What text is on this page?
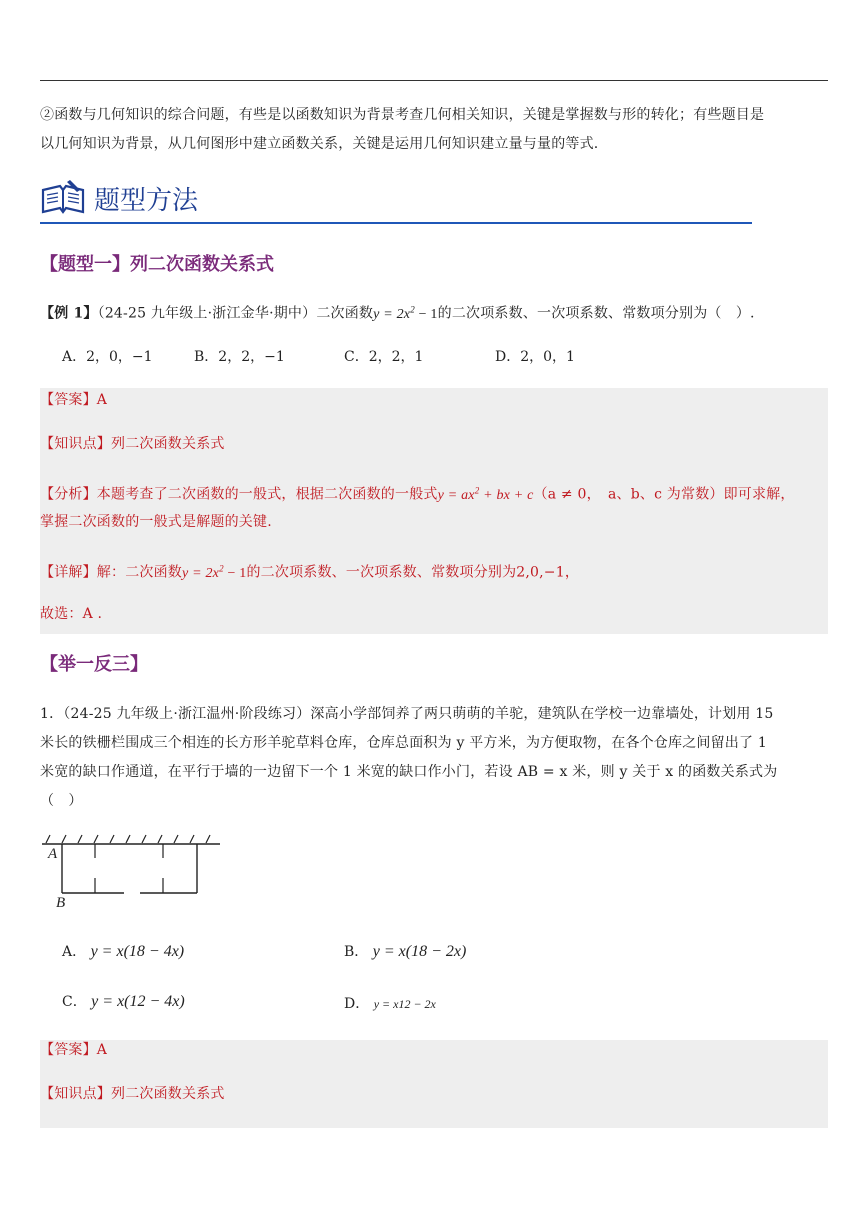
②函数与几何知识的综合问题，有些是以函数知识为背景考查几何相关知识，关键是掌握数与形的转化；有些题目是
以几何知识为背景，从几何图形中建立函数关系，关键是运用几何知识建立量与量的等式.
题型方法
【题型一】列二次函数关系式
【例 1】（24-25 九年级上·浙江金华·期中）二次函数$y = 2x^2 - 1$的二次项系数、一次项系数、常数项分别为（　）.
A．2，0，−1	B．2，2，−1	C．2，2，1	D．2，0，1
【答案】A
【知识点】列二次函数关系式
【分析】本题考查了二次函数的一般式，根据二次函数的一般式$y = ax^2$ + bx + c（a ≠ 0，　a、b、c 为常数）即可求解，
掌握二次函数的一般式是解题的关键.
【详解】解：二次函数$y = 2x^2 - 1$的二次项系数、一次项系数、常数项分别为2,0,−1，
故选：A .
【举一反三】
1．（24-25 九年级上·浙江温州·阶段练习）深高小学部饲养了两只萌萌的羊驼，建筑队在学校一边靠墙处，计划用 15
米长的铁栅栏围成三个相连的长方形羊驼草料仓库，仓库总面积为 y 平方米，为方便取物，在各个仓库之间留出了 1
米宽的缺口作通道，在平行于墙的一边留下一个 1 米宽的缺口作小门，若设 AB = x 米，则 y 关于 x 的函数关系式为
（　）
A
B
A． y = x(18 − 4x)	B． y = x(18 − 2x)
C． y = x(12 − 4x)	D． y = x12 − 2x
【答案】A
【知识点】列二次函数关系式
